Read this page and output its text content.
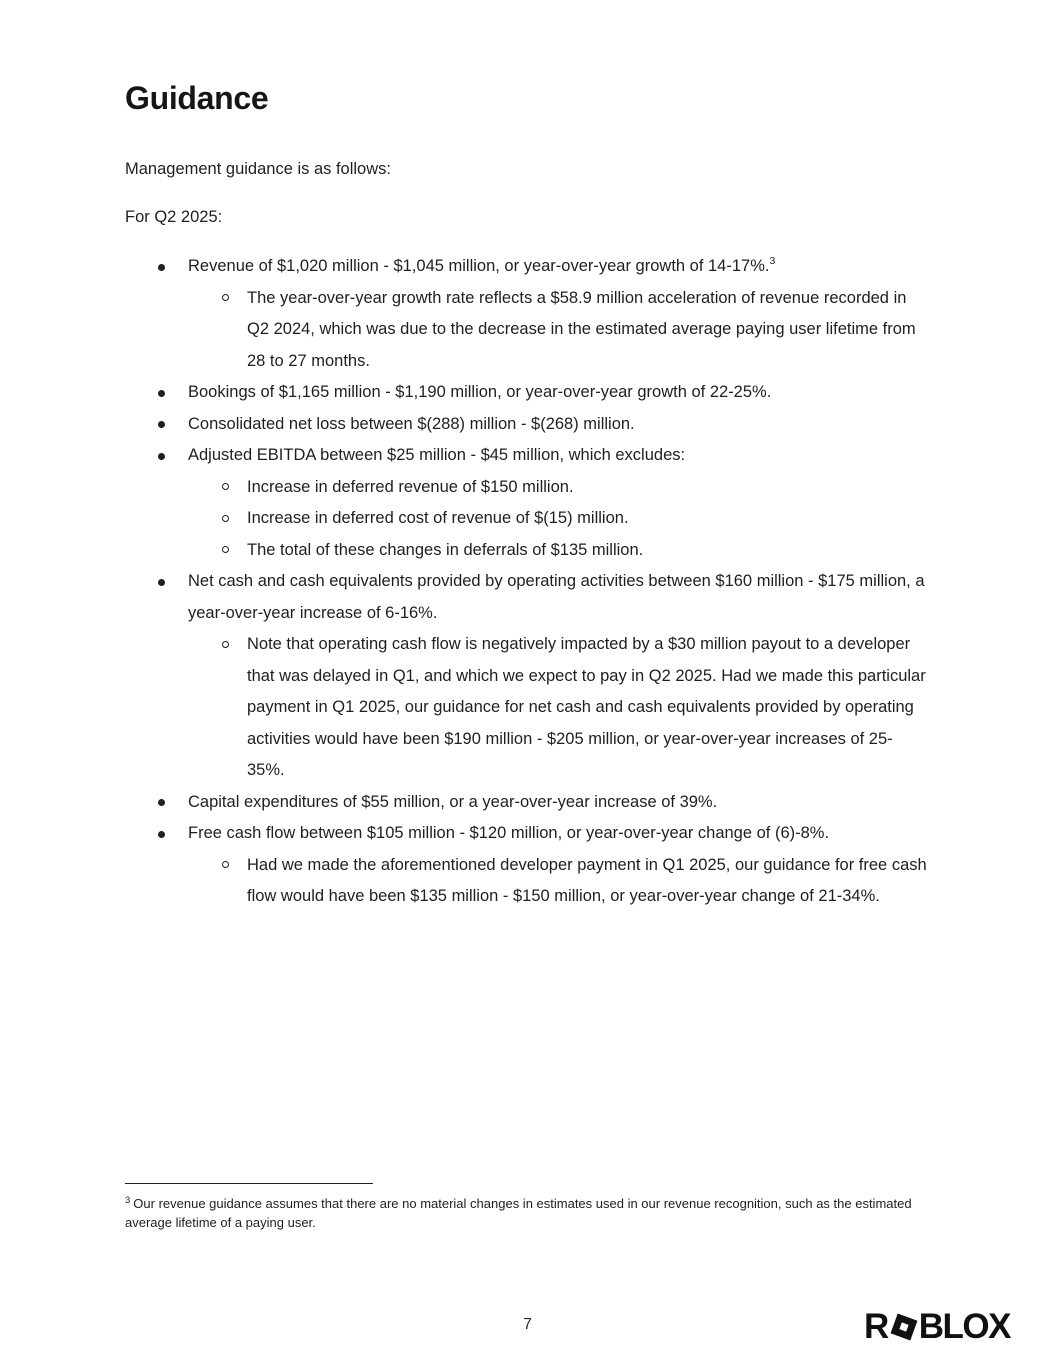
Guidance

Management guidance is as follows:

For Q2 2025:

Revenue of $1,020 million - $1,045 million, or year-over-year growth of 14-17%.$^3$

The year-over-year growth rate reflects a $58.9 million acceleration of revenue recorded in Q2 2024, which was due to the decrease in the estimated average paying user lifetime from 28 to 27 months.

Bookings of $1,165 million - $1,190 million, or year-over-year growth of 22-25%.

Consolidated net loss between $(288) million - $(268) million.

Adjusted EBITDA between $25 million - $45 million, which excludes:

Increase in deferred revenue of $150 million.

Increase in deferred cost of revenue of $(15) million.

The total of these changes in deferrals of $135 million.

Net cash and cash equivalents provided by operating activities between $160 million - $175 million, a year-over-year increase of 6-16%.

Note that operating cash flow is negatively impacted by a $30 million payout to a developer that was delayed in Q1, and which we expect to pay in Q2 2025. Had we made this particular payment in Q1 2025, our guidance for net cash and cash equivalents provided by operating activities would have been $190 million - $205 million, or year-over-year increases of 25-35%.

Capital expenditures of $55 million, or a year-over-year increase of 39%.

Free cash flow between $105 million - $120 million, or year-over-year change of (6)-8%.

Had we made the aforementioned developer payment in Q1 2025, our guidance for free cash flow would have been $135 million - $150 million, or year-over-year change of 21-34%.

$^3$ Our revenue guidance assumes that there are no material changes in estimates used in our revenue recognition, such as the estimated average lifetime of a paying user.

7	R BLOX
